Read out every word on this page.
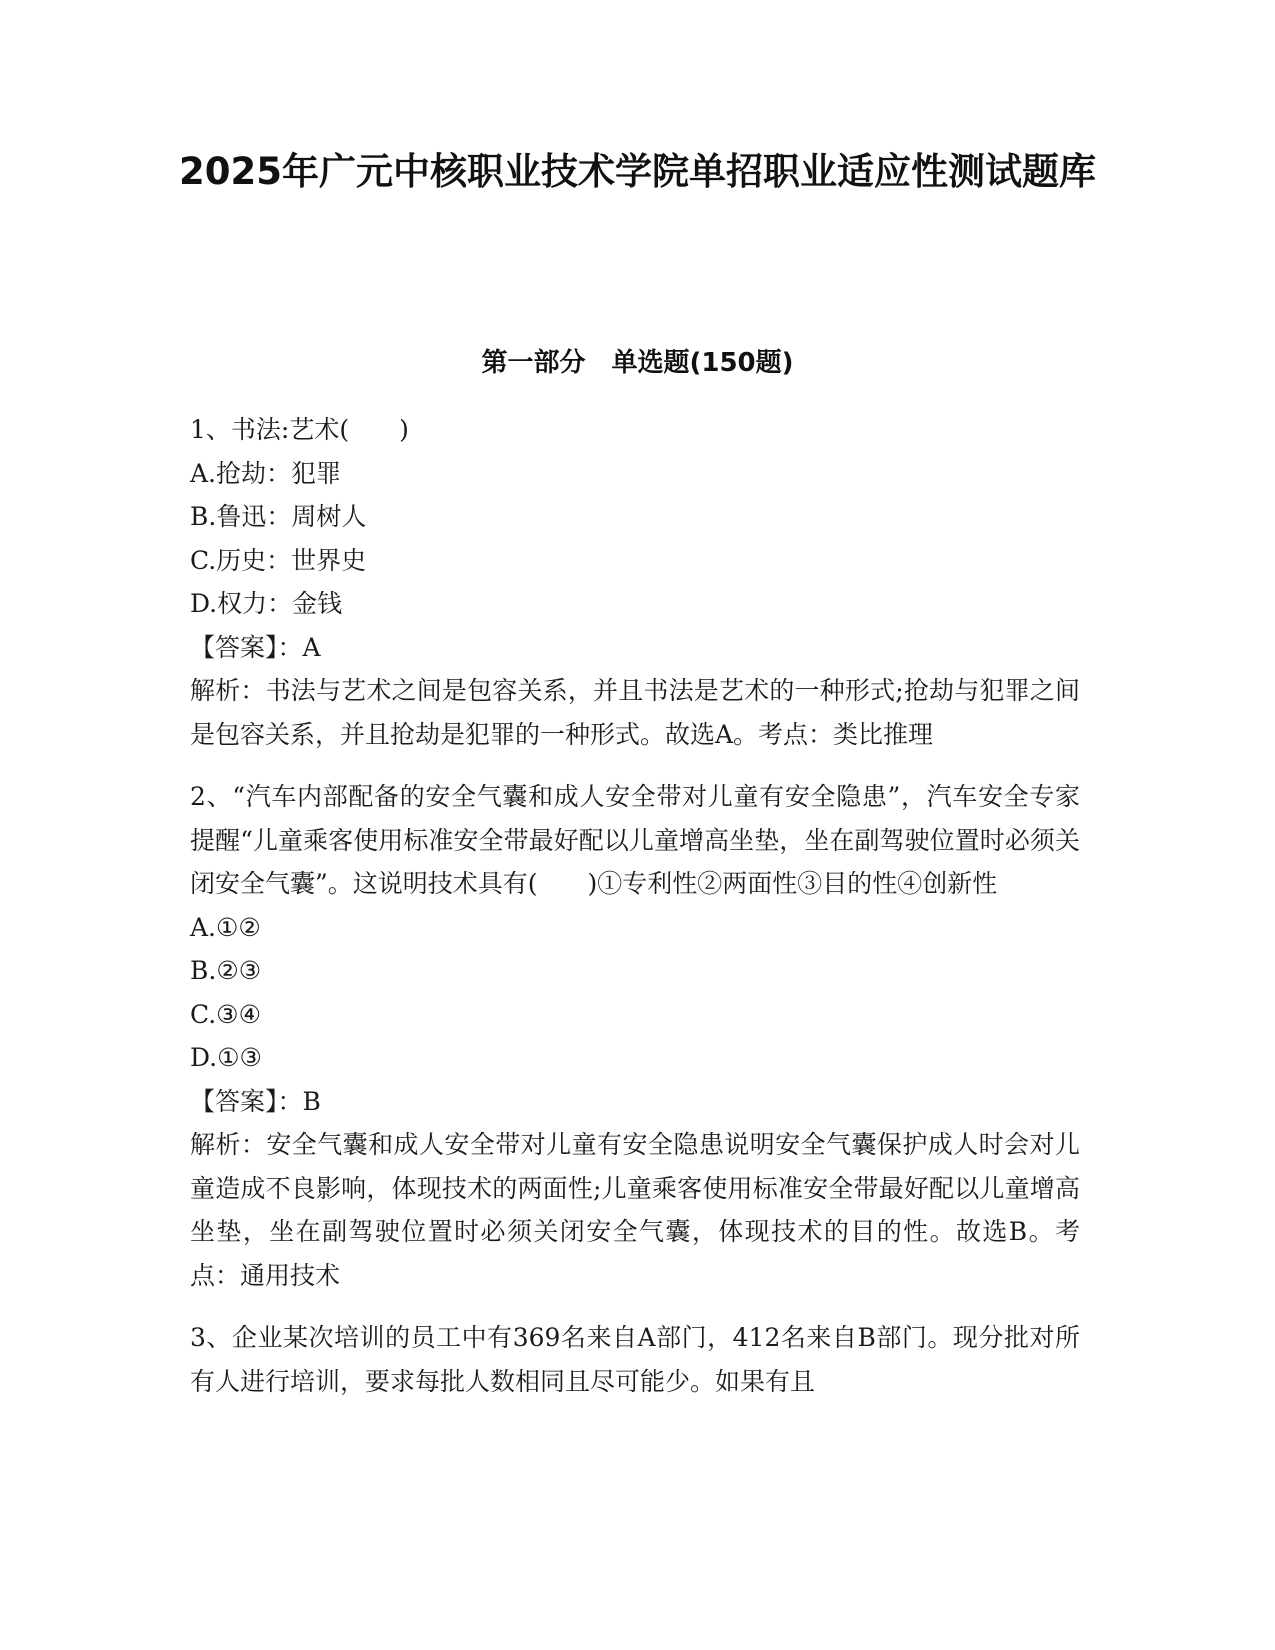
2025年广元中核职业技术学院单招职业适应性测试题库
第一部分　单选题(150题)
1、书法:艺术(　　)
A.抢劫：犯罪
B.鲁迅：周树人
C.历史：世界史
D.权力：金钱
【答案】：A
解析：书法与艺术之间是包容关系，并且书法是艺术的一种形式;抢劫与犯罪之间是包容关系，并且抢劫是犯罪的一种形式。故选A。考点：类比推理
2、“汽车内部配备的安全气囊和成人安全带对儿童有安全隐患”，汽车安全专家提醒“儿童乘客使用标准安全带最好配以儿童增高坐垫，坐在副驾驶位置时必须关闭安全气囊”。这说明技术具有(　　)①专利性②两面性③目的性④创新性
A.①②
B.②③
C.③④
D.①③
【答案】：B
解析：安全气囊和成人安全带对儿童有安全隐患说明安全气囊保护成人时会对儿童造成不良影响，体现技术的两面性;儿童乘客使用标准安全带最好配以儿童增高坐垫，坐在副驾驶位置时必须关闭安全气囊，体现技术的目的性。故选B。考点：通用技术
3、企业某次培训的员工中有369名来自A部门，412名来自B部门。现分批对所有人进行培训，要求每批人数相同且尽可能少。如果有且
